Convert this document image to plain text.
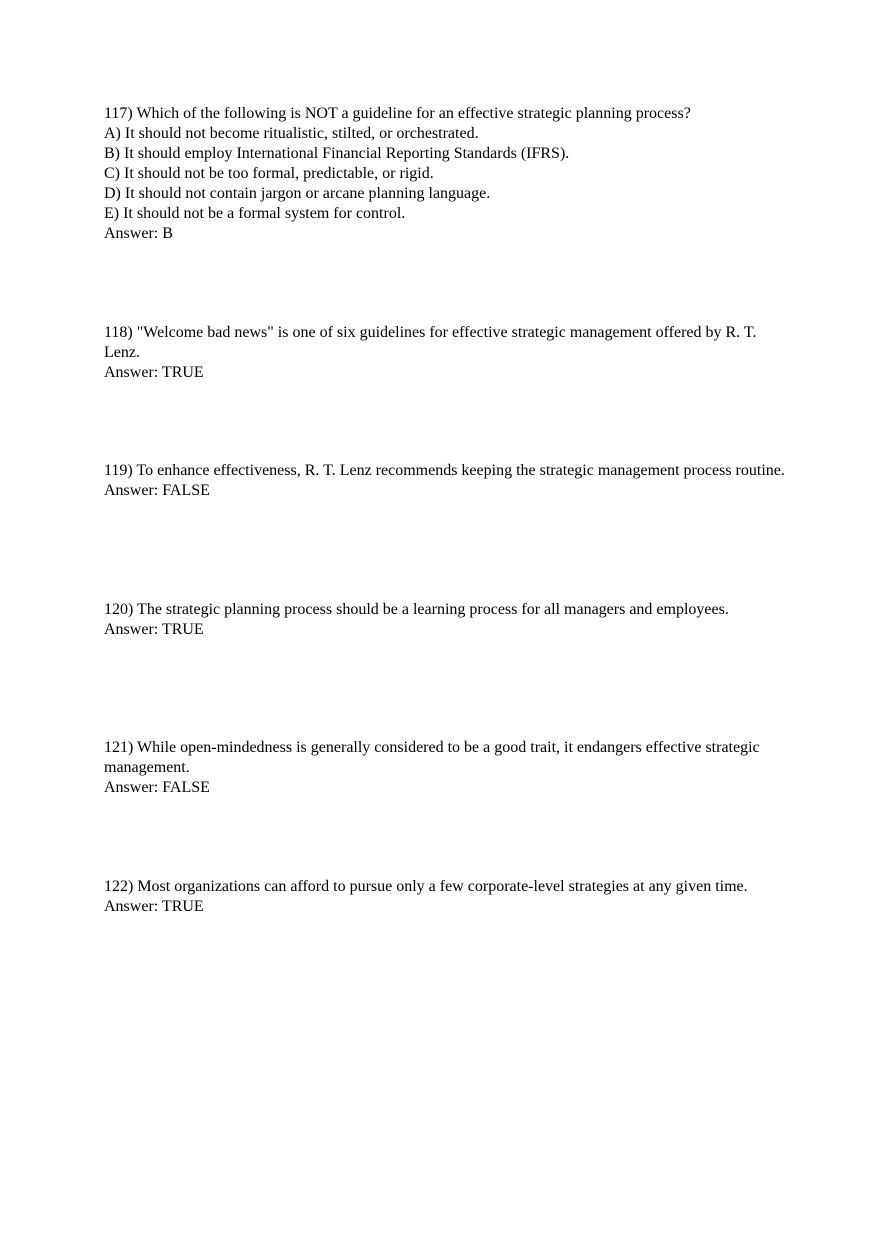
117) Which of the following is NOT a guideline for an effective strategic planning process?
A) It should not become ritualistic, stilted, or orchestrated.
B) It should employ International Financial Reporting Standards (IFRS).
C) It should not be too formal, predictable, or rigid.
D) It should not contain jargon or arcane planning language.
E) It should not be a formal system for control.
Answer: B
118) "Welcome bad news" is one of six guidelines for effective strategic management offered by R. T. Lenz.
Answer: TRUE
119) To enhance effectiveness, R. T. Lenz recommends keeping the strategic management process routine.
Answer: FALSE
120) The strategic planning process should be a learning process for all managers and employees.
Answer: TRUE
121) While open-mindedness is generally considered to be a good trait, it endangers effective strategic management.
Answer: FALSE
122) Most organizations can afford to pursue only a few corporate-level strategies at any given time.
Answer: TRUE
